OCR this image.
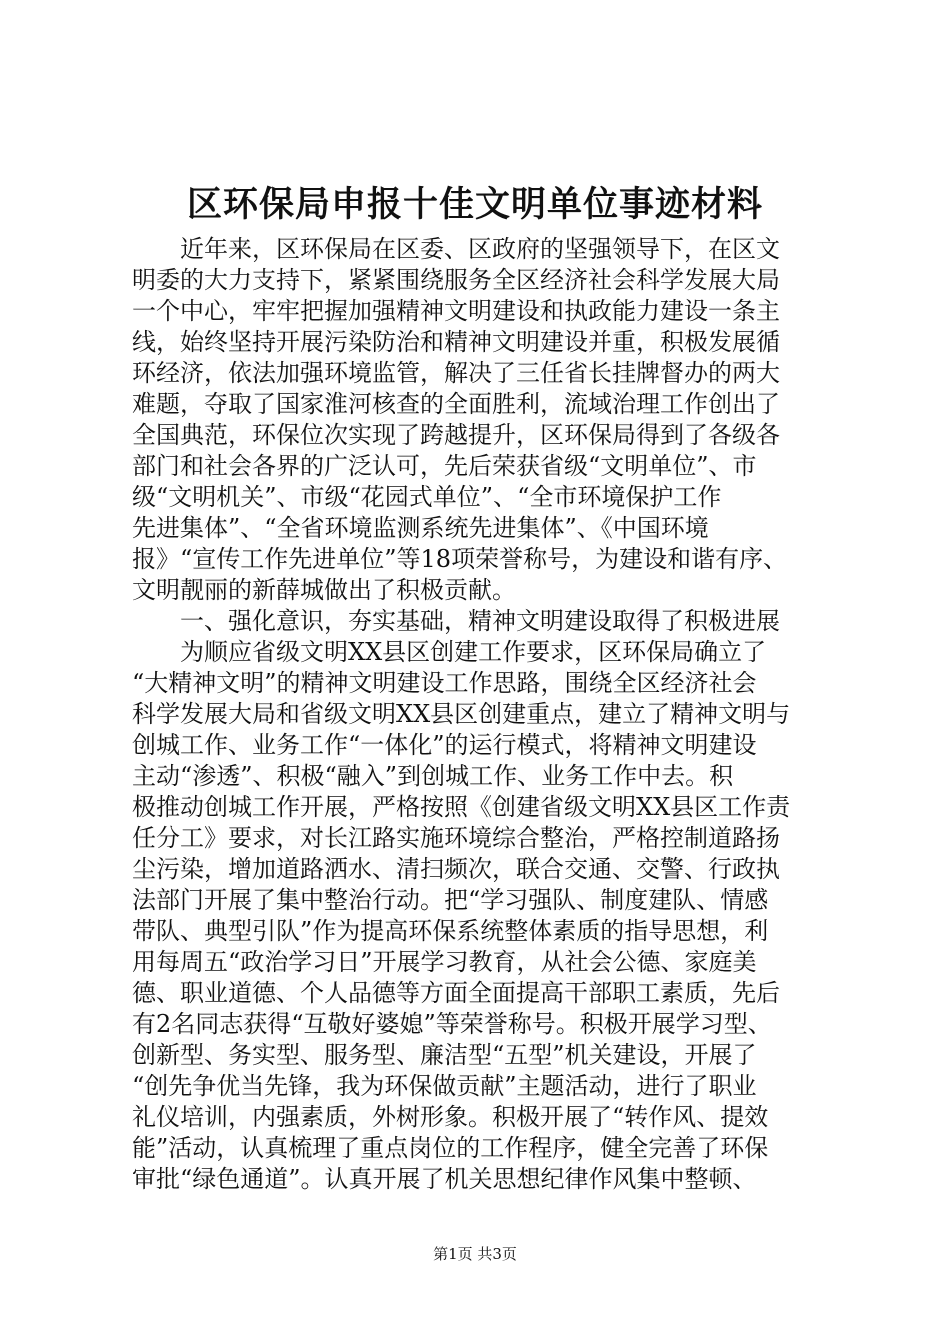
区环保局申报十佳文明单位事迹材料
　　近年来，区环保局在区委、区政府的坚强领导下，在区文
明委的大力支持下，紧紧围绕服务全区经济社会科学发展大局
一个中心，牢牢把握加强精神文明建设和执政能力建设一条主
线，始终坚持开展污染防治和精神文明建设并重，积极发展循
环经济，依法加强环境监管，解决了三任省长挂牌督办的两大
难题，夺取了国家淮河核查的全面胜利，流域治理工作创出了
全国典范，环保位次实现了跨越提升，区环保局得到了各级各
部门和社会各界的广泛认可，先后荣获省级“文明单位”、市
级“文明机关”、市级“花园式单位”、“全市环境保护工作
先进集体”、“全省环境监测系统先进集体”、《中国环境
报》“宣传工作先进单位”等18项荣誉称号，为建设和谐有序、
文明靓丽的新薛城做出了积极贡献。
　　一、强化意识，夯实基础，精神文明建设取得了积极进展
　　为顺应省级文明XX县区创建工作要求，区环保局确立了
“大精神文明”的精神文明建设工作思路，围绕全区经济社会
科学发展大局和省级文明XX县区创建重点，建立了精神文明与
创城工作、业务工作“一体化”的运行模式，将精神文明建设
主动“渗透”、积极“融入”到创城工作、业务工作中去。积
极推动创城工作开展，严格按照《创建省级文明XX县区工作责
任分工》要求，对长江路实施环境综合整治，严格控制道路扬
尘污染，增加道路洒水、清扫频次，联合交通、交警、行政执
法部门开展了集中整治行动。把“学习强队、制度建队、情感
带队、典型引队”作为提高环保系统整体素质的指导思想，利
用每周五“政治学习日”开展学习教育，从社会公德、家庭美
德、职业道德、个人品德等方面全面提高干部职工素质，先后
有2名同志获得“互敬好婆媳”等荣誉称号。积极开展学习型、
创新型、务实型、服务型、廉洁型“五型”机关建设，开展了
“创先争优当先锋，我为环保做贡献”主题活动，进行了职业
礼仪培训，内强素质，外树形象。积极开展了“转作风、提效
能”活动，认真梳理了重点岗位的工作程序，健全完善了环保
审批“绿色通道”。认真开展了机关思想纪律作风集中整顿、
第1页 共3页
